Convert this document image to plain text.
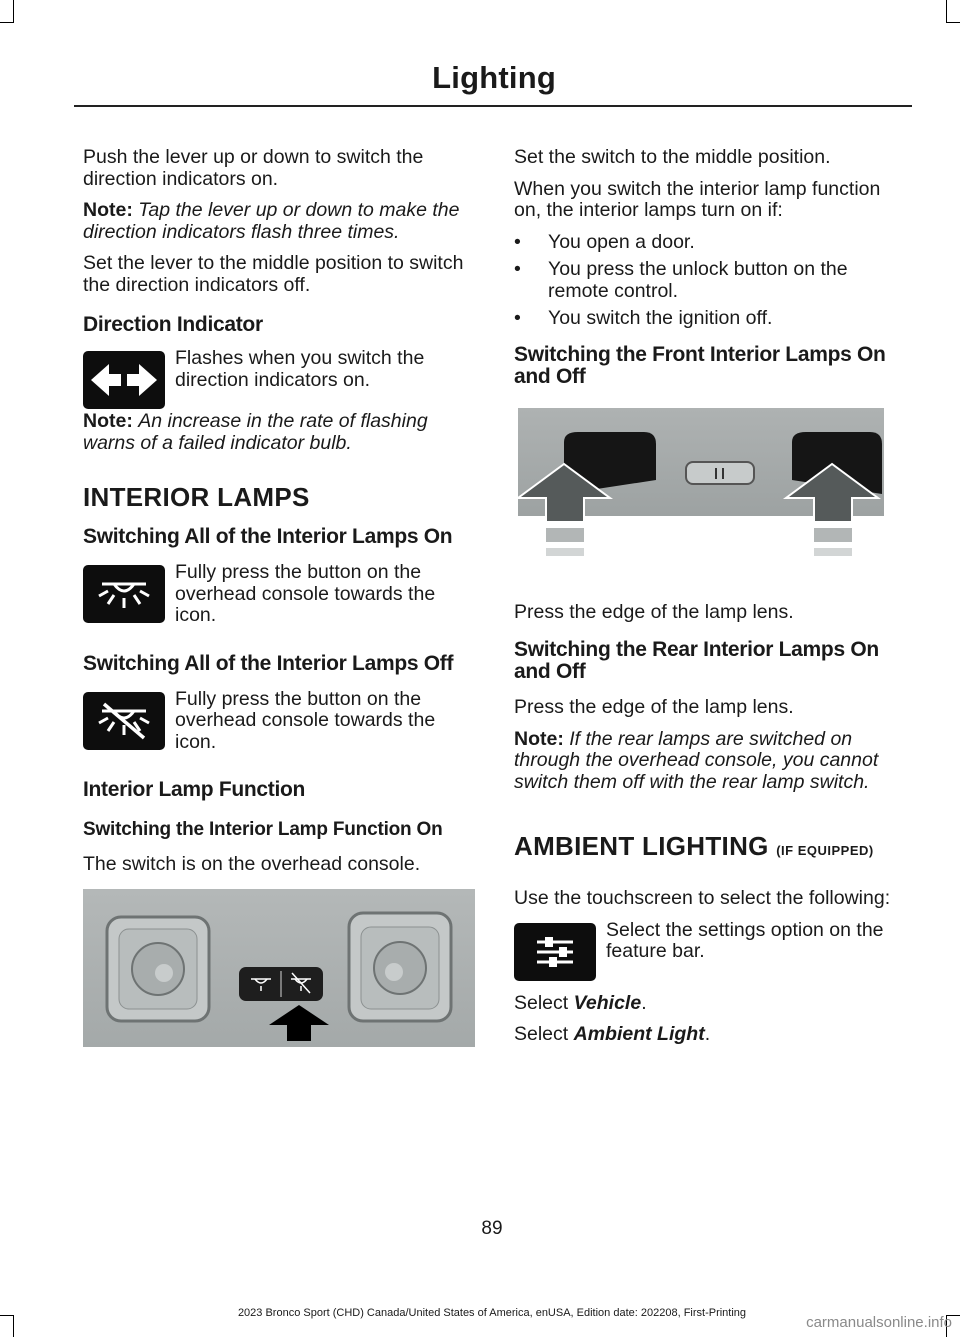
Lighting

Push the lever up or down to switch the direction indicators on.

Note: Tap the lever up or down to make the direction indicators flash three times.

Set the lever to the middle position to switch the direction indicators off.

Direction Indicator

Flashes when you switch the direction indicators on.

Note: An increase in the rate of flashing warns of a failed indicator bulb.

INTERIOR LAMPS
Switching All of the Interior Lamps On

Fully press the button on the overhead console towards the icon.

Switching All of the Interior Lamps Off

Fully press the button on the overhead console towards the icon.

Interior Lamp Function
Switching the Interior Lamp Function On

The switch is on the overhead console.

Set the switch to the middle position.

When you switch the interior lamp function on, the interior lamps turn on if:

• You open a door.
• You press the unlock button on the remote control.
• You switch the ignition off.
Switching the Front Interior Lamps On and Off

Press the edge of the lamp lens.

Switching the Rear Interior Lamps On and Off

Press the edge of the lamp lens.

Note: If the rear lamps are switched on through the overhead console, you cannot switch them off with the rear lamp switch.

AMBIENT LIGHTING (IF EQUIPPED)

Use the touchscreen to select the following:

Select the settings option on the feature bar.

Select Vehicle.

Select Ambient Light.

89

2023 Bronco Sport (CHD) Canada/United States of America, enUSA, Edition date: 202208, First-Printing

carmanualsonline.info
